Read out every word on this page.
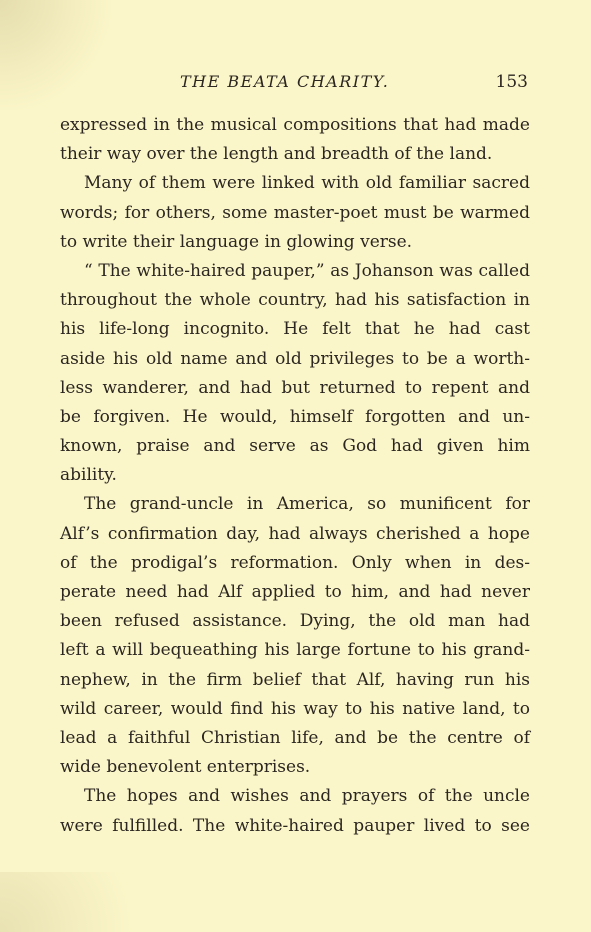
THE BEATA CHARITY.	153
expressed in the musical compositions that had made
their way over the length and breadth of the land.
Many of them were linked with old familiar sacred
words; for others, some master-poet must be warmed
to write their language in glowing verse.
“ The white-haired pauper,” as Johanson was called
throughout the whole country, had his satisfaction in
his life-long incognito. He felt that he had cast
aside his old name and old privileges to be a worth-
less wanderer, and had but returned to repent and
be forgiven. He would, himself forgotten and un-
known, praise and serve as God had given him
ability.
The grand-uncle in America, so munificent for
Alf’s confirmation day, had always cherished a hope
of the prodigal’s reformation. Only when in des-
perate need had Alf applied to him, and had never
been refused assistance. Dying, the old man had
left a will bequeathing his large fortune to his grand-
nephew, in the firm belief that Alf, having run his
wild career, would find his way to his native land, to
lead a faithful Christian life, and be the centre of
wide benevolent enterprises.
The hopes and wishes and prayers of the uncle
were fulfilled. The white-haired pauper lived to see
